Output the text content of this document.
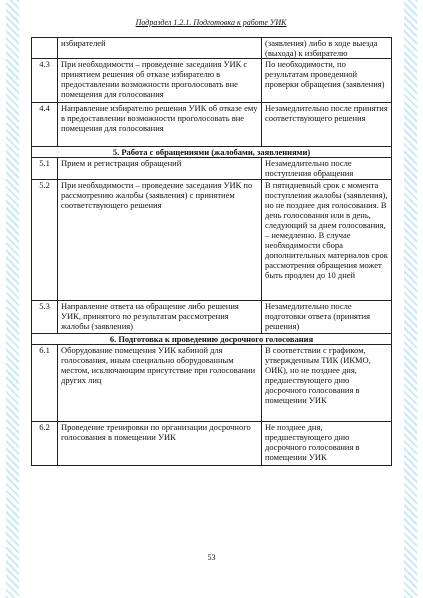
Подраздел 1.2.1. Подготовка к работе УИК
	избирателей	(заявления) либо в ходе выезда (выхода) к избирателю
4.3	При необходимости – проведение заседания УИК с принятием решения об отказе избирателю в предоставлении возможности проголосовать вне помещения для голосования	По необходимости, по результатам проведенной проверки обращения (заявления)
4.4	Направление избирателю решения УИК об отказе ему в предоставлении возможности проголосовать вне помещения для голосования	Незамедлительно после принятия соответствующего решения
5. Работа с обращениями (жалобами, заявлениями)		
5.1	Прием и регистрация обращений	Незамедлительно после поступления обращения
5.2	При необходимости – проведение заседания УИК по рассмотрению жалобы (заявления) с принятием соответствующего решения	В пятидневный срок с момента поступления жалобы (заявления), но не позднее дня голосования. В день голосования или в день, следующий за днем голосования, – немедленно. В случае необходимости сбора дополнительных материалов срок рассмотрения обращения может быть продлен до 10 дней
5.3	Направление ответа на обращение либо решения УИК, принятого по результатам рассмотрения жалобы (заявления)	Незамедлительно после подготовки ответа (принятия решения)
6. Подготовка к проведению досрочного голосования		
6.1	Оборудование помещения УИК кабиной для голосования, иным специально оборудованным местом, исключающим присутствие при голосовании других лиц	В соответствии с графиком, утвержденным ТИК (ИКМО, ОИК), но не позднее дня, предшествующего дню досрочного голосования в помещении УИК
6.2	Проведение тренировки по организации досрочного голосования в помещении УИК	Не позднее дня, предшествующего дню досрочного голосования в помещении УИК
53
